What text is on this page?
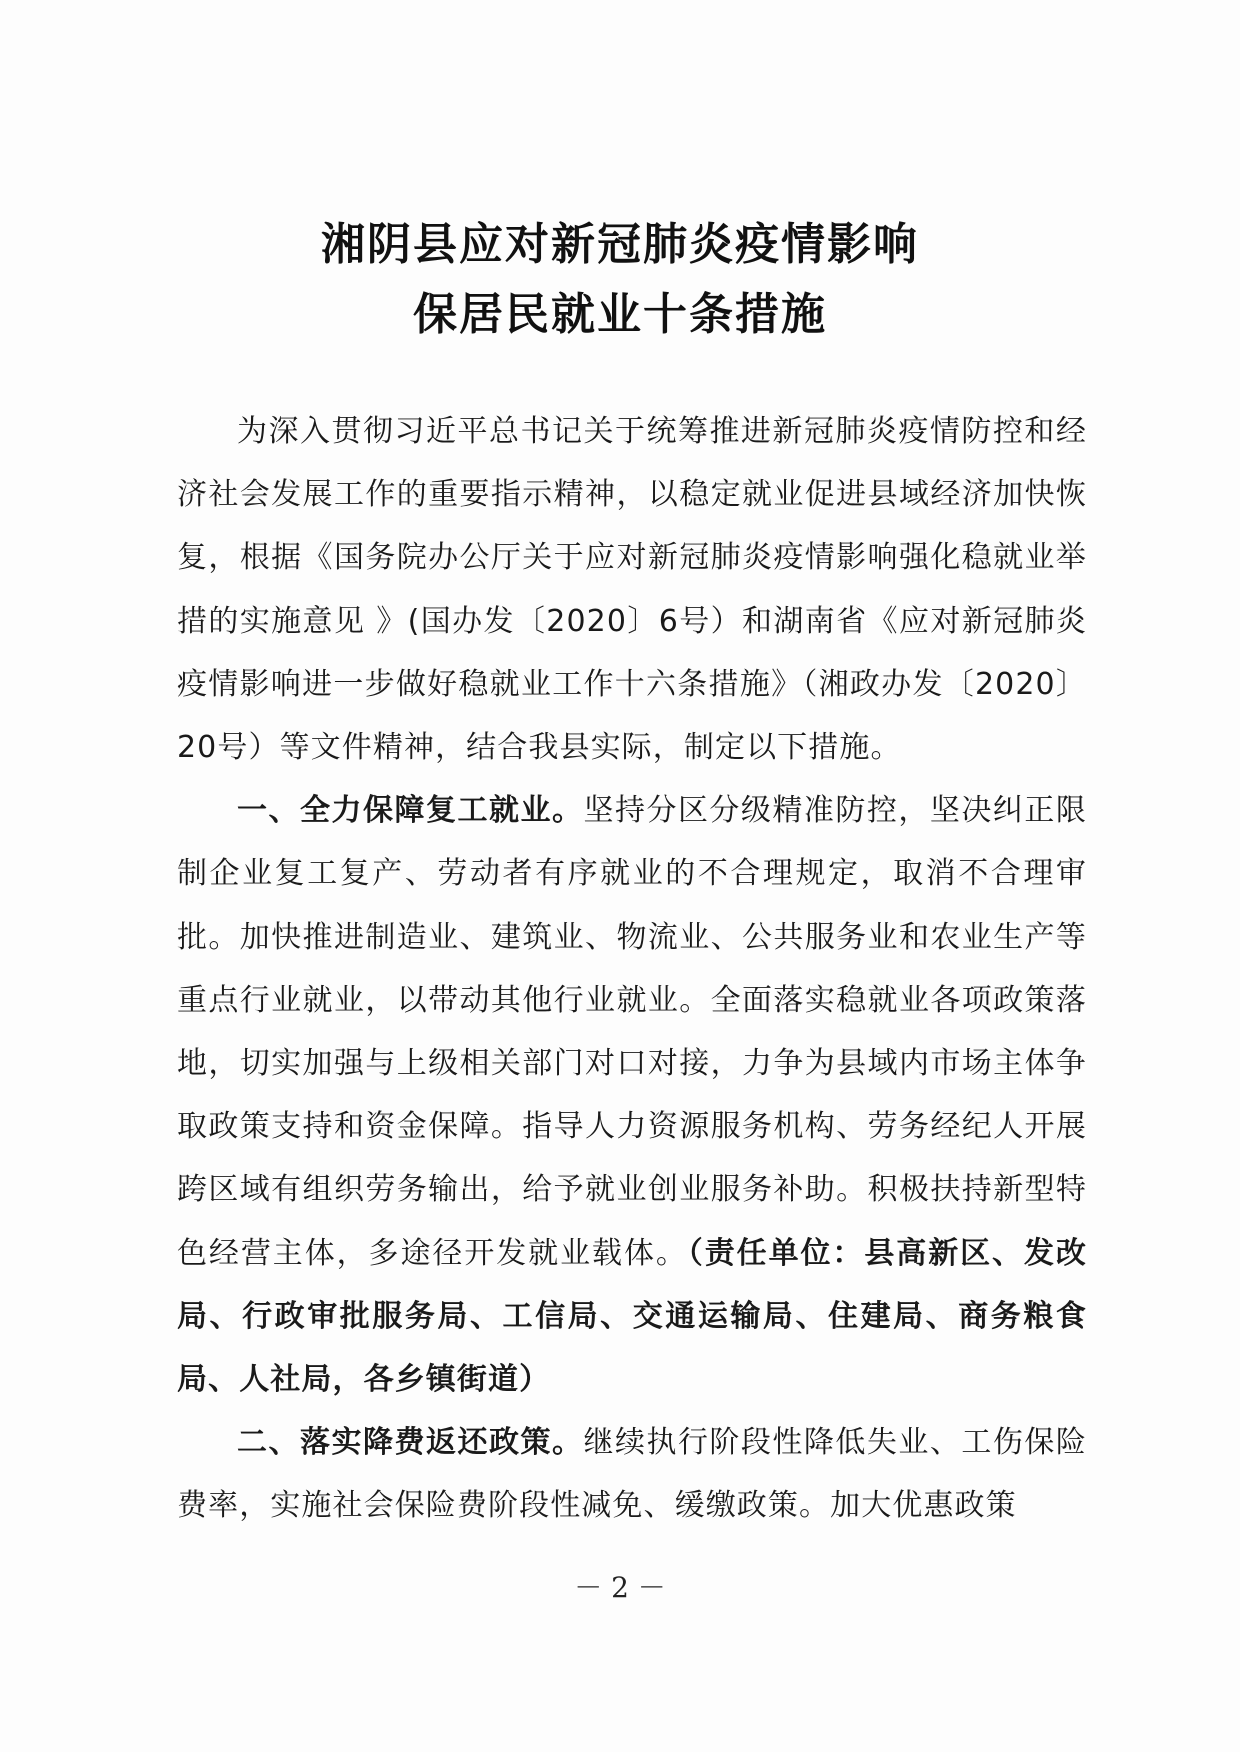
湘阴县应对新冠肺炎疫情影响
保居民就业十条措施

为深入贯彻习近平总书记关于统筹推进新冠肺炎疫情防控和经济社会发展工作的重要指示精神，以稳定就业促进县域经济加快恢复，根据《国务院办公厅关于应对新冠肺炎疫情影响强化稳就业举措的实施意见 》(国办发〔2020〕6号）和湖南省《应对新冠肺炎疫情影响进一步做好稳就业工作十六条措施》（湘政办发〔2020〕20号）等文件精神，结合我县实际，制定以下措施。

一、全力保障复工就业。坚持分区分级精准防控，坚决纠正限制企业复工复产、劳动者有序就业的不合理规定，取消不合理审批。加快推进制造业、建筑业、物流业、公共服务业和农业生产等重点行业就业，以带动其他行业就业。全面落实稳就业各项政策落地，切实加强与上级相关部门对口对接，力争为县域内市场主体争取政策支持和资金保障。指导人力资源服务机构、劳务经纪人开展跨区域有组织劳务输出，给予就业创业服务补助。积极扶持新型特色经营主体，多途径开发就业载体。（责任单位：县高新区、发改局、行政审批服务局、工信局、交通运输局、住建局、商务粮食局、人社局，各乡镇街道）

二、落实降费返还政策。继续执行阶段性降低失业、工伤保险费率，实施社会保险费阶段性减免、缓缴政策。加大优惠政策

－ 2 －
